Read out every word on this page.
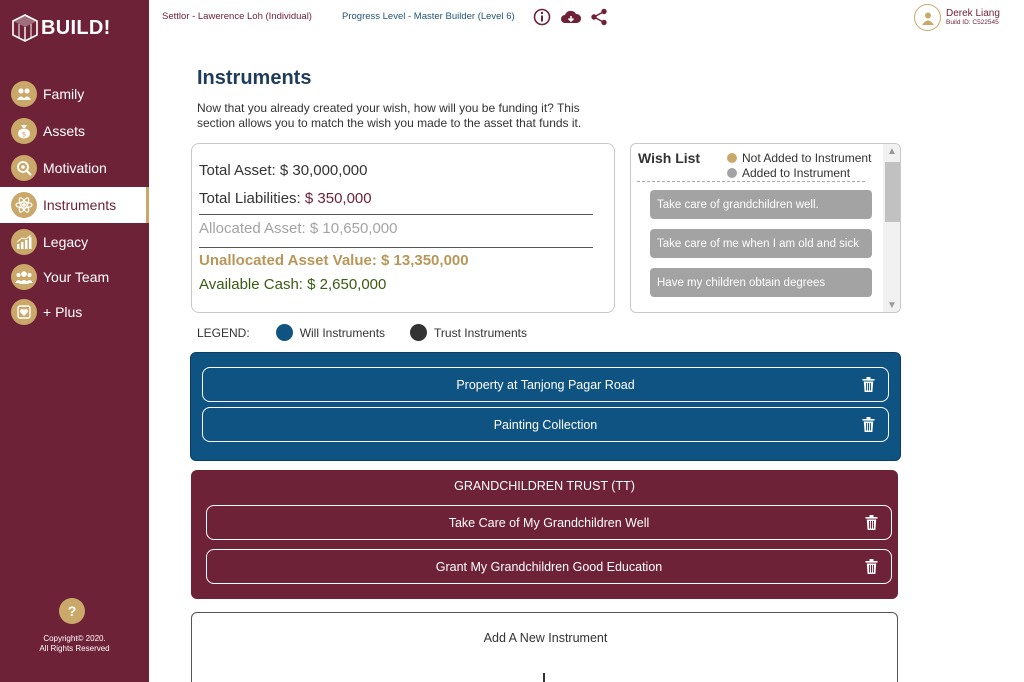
BUILD!
Family
$ Assets
Motivation
Instruments
Legacy
Your Team
+ Plus
?
Copyright© 2020.
All Rights Reserved
Settlor - Lawerence Loh (Individual)	Progress Level - Master Builder (Level 6)	Derek Liang
Build ID: C522545
Instruments
Now that you already created your wish, how will you be funding it? This section allows you to match the wish you made to the asset that funds it.
Total Asset: $ 30,000,000
Total Liabilities: $ 350,000
Allocated Asset: $ 10,650,000
Unallocated Asset Value: $ 13,350,000
Available Cash: $ 2,650,000
Wish List	Not Added to Instrument
Added to Instrument
Take care of grandchildren well.
Take care of me when I am old and sick
Have my children obtain degrees
▲
▼
LEGEND:	Will Instruments	Trust Instruments
Property at Tanjong Pagar Road
Painting Collection
GRANDCHILDREN TRUST (TT)
Take Care of My Grandchildren Well
Grant My Grandchildren Good Education
Add A New Instrument
